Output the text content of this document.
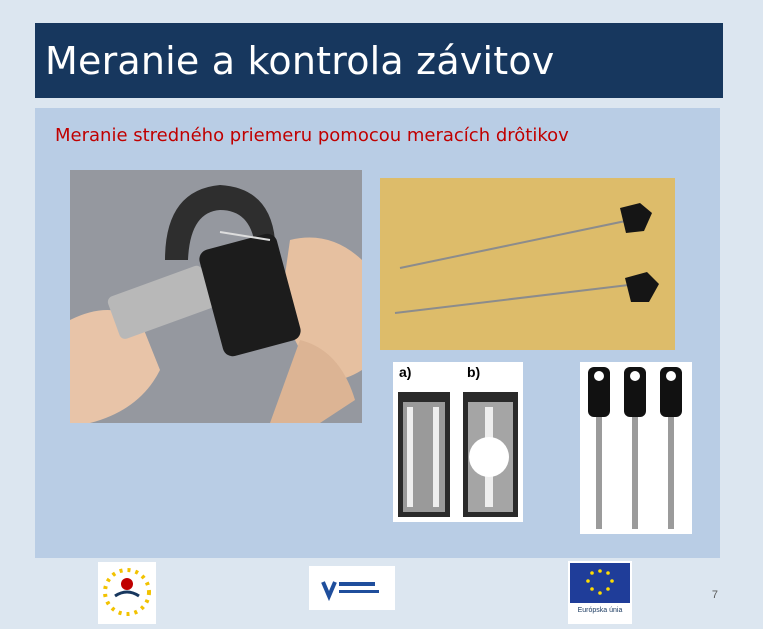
Meranie a kontrola závitov
Meranie stredného priemeru pomocou meracích drôtikov
a)	b)
Európska únia
7
